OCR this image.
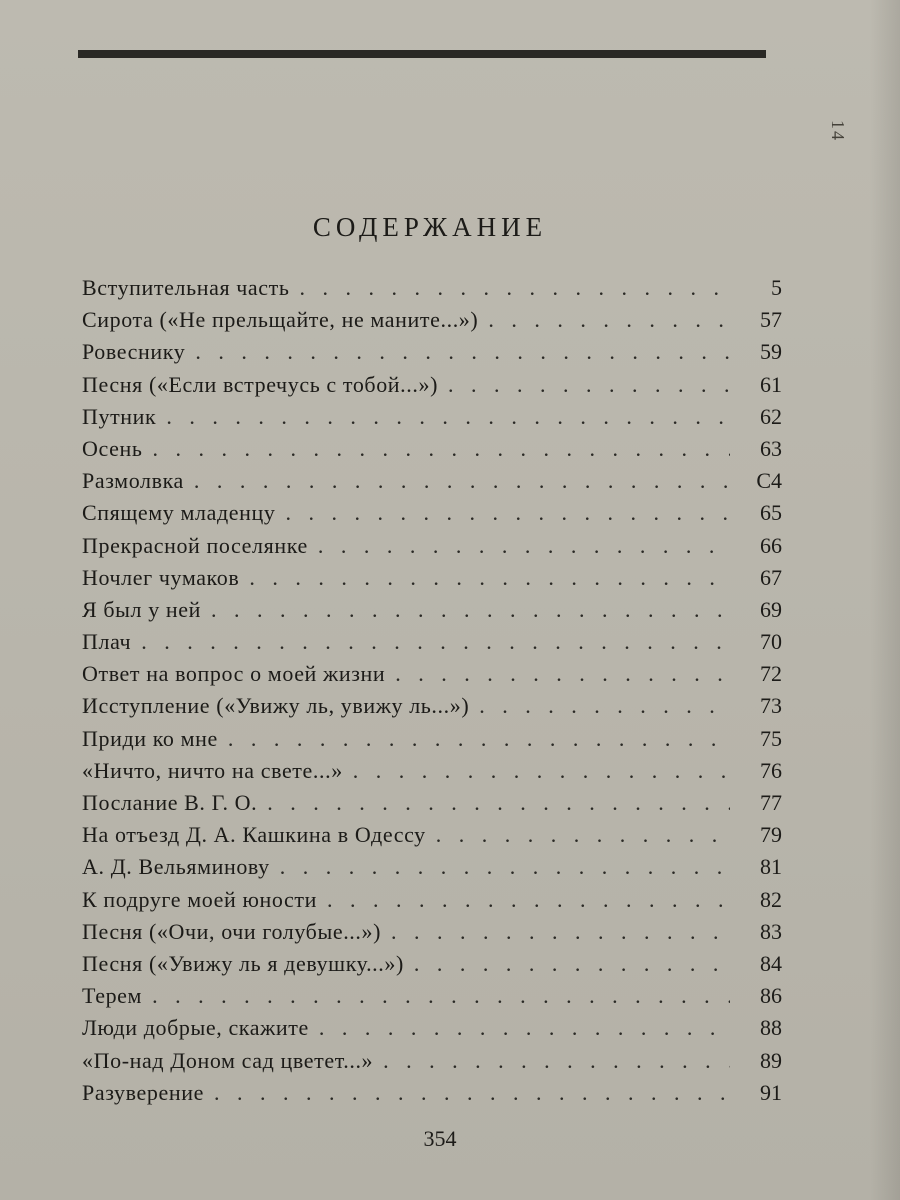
14
СОДЕРЖАНИЕ
Вступительная часть . . .	5
Сирота («Не прельщайте, не маните...») . . .	57
Ровеснику . . .	59
Песня («Если встречусь с тобой...») . . .	61
Путник . . .	62
Осень . . .	63
Размолвка . . .	С4
Спящему младенцу . . .	65
Прекрасной поселянке . . .	66
Ночлег чумаков . . .	67
Я был у ней . . .	69
Плач . . .	70
Ответ на вопрос о моей жизни . . .	72
Исступление («Увижу ль, увижу ль...») . . .	73
Приди ко мне . . .	75
«Ничто, ничто на свете...» . . .	76
Послание В. Г. О. . . .	77
На отъезд Д. А. Кашкина в Одессу . . .	79
А. Д. Вельяминову . . .	81
К подруге моей юности . . .	82
Песня («Очи, очи голубые...») . . .	83
Песня («Увижу ль я девушку...») . . .	84
Терем . . .	86
Люди добрые, скажите . . .	88
«По-над Доном сад цветет...» . . .	89
Разуверение . . .	91
354
